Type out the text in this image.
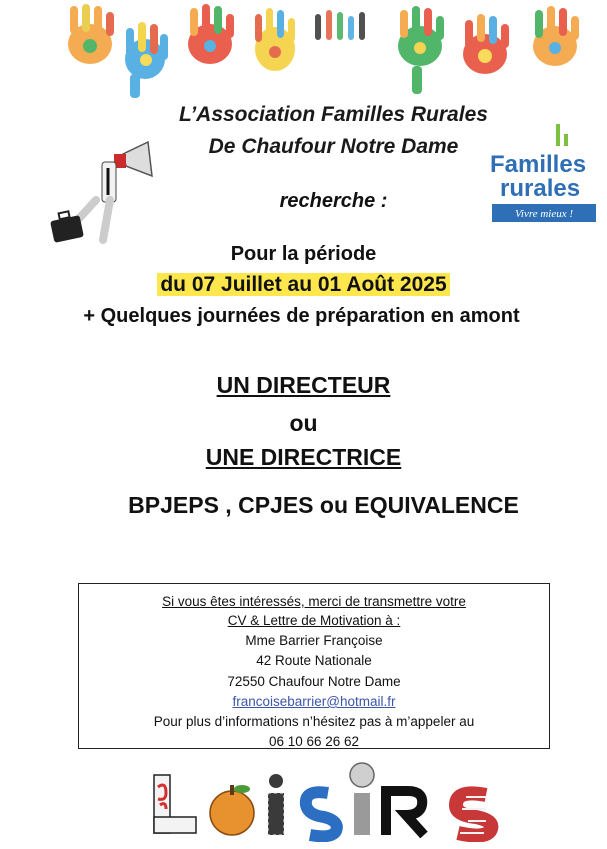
L’Association Familles Rurales
De Chaufour Notre Dame
recherche :
Familles
rurales
Vivre mieux !
Pour la période
du 07 Juillet au 01 Août 2025
+ Quelques journées de préparation en amont
UN DIRECTEUR
ou
UNE DIRECTRICE
BPJEPS , CPJES ou EQUIVALENCE
Si vous êtes intéressés, merci de transmettre votre
CV & Lettre de Motivation à :
Mme Barrier Françoise
42 Route Nationale
72550 Chaufour Notre Dame
francoisebarrier@hotmail.fr
Pour plus d’informations n’hésitez pas à m’appeler au
06 10 66 26 62
